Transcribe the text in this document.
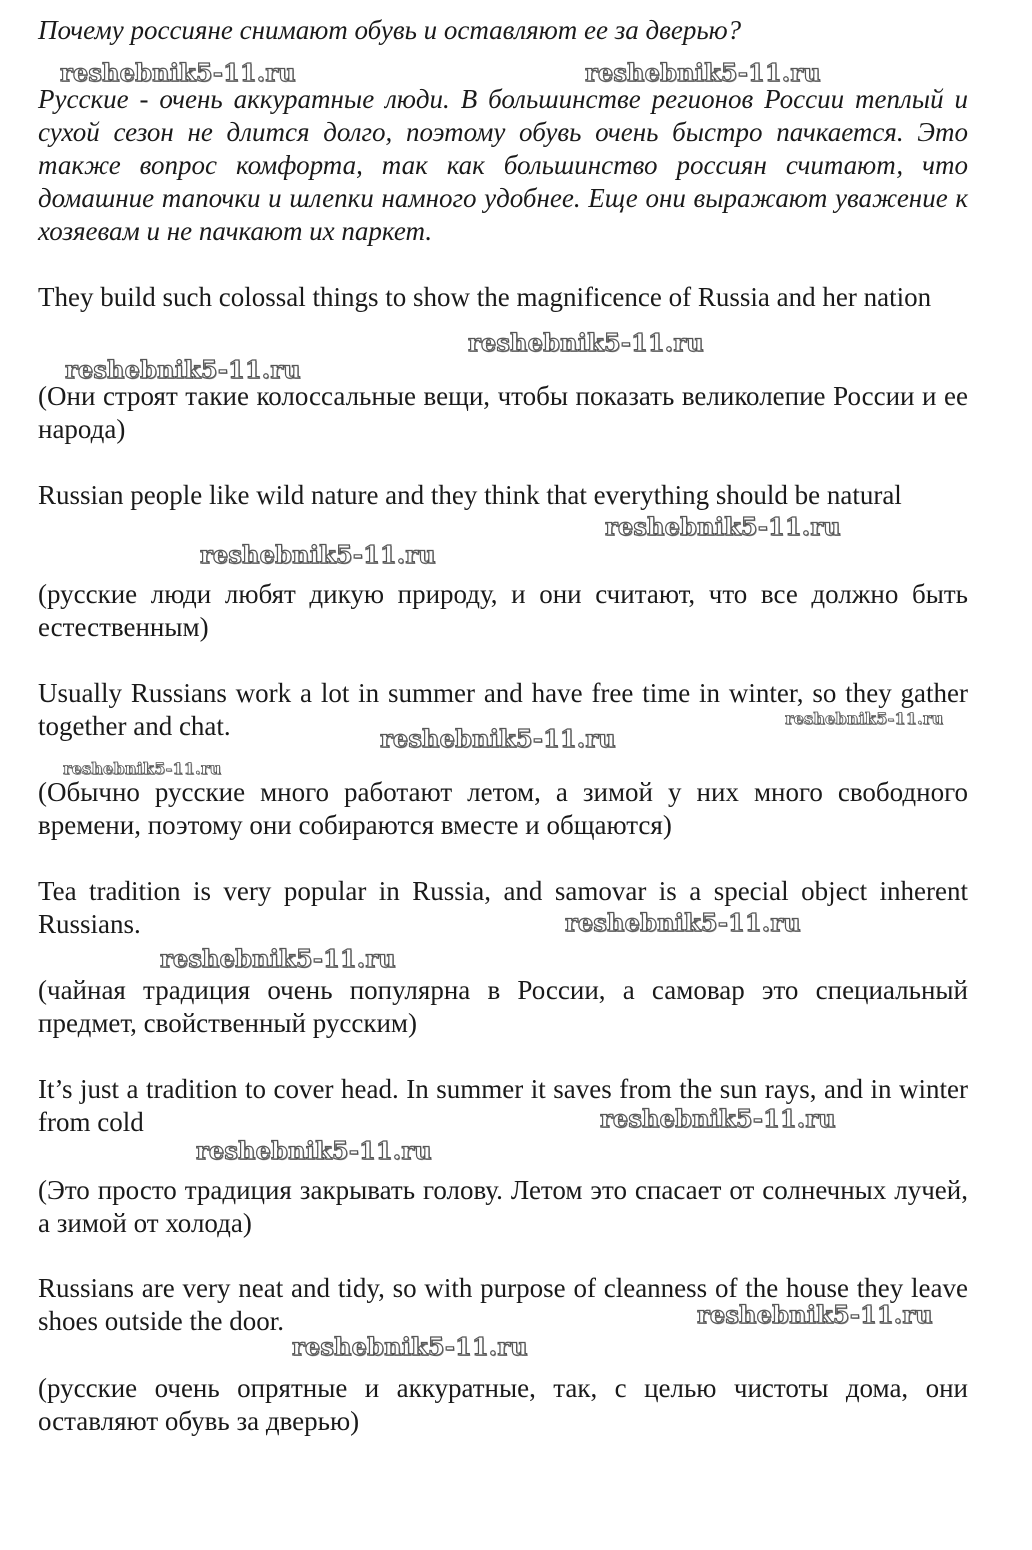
Почему россияне снимают обувь и оставляют ее за дверью?

reshebnik5-11.ru	reshebnik5-11.ru

Русские - очень аккуратные люди. В большинстве регионов России теплый и сухой сезон не длится долго, поэтому обувь очень быстро пачкается. Это также вопрос комфорта, так как большинство россиян считают, что домашние тапочки и шлепки намного удобнее. Еще они выражают уважение к хозяевам и не пачкают их паркет.

They build such colossal things to show the magnificence of Russia and her nation

reshebnik5-11.ru
reshebnik5-11.ru

(Они строят такие колоссальные вещи, чтобы показать великолепие России и ее народа)

Russian people like wild nature and they think that everything should be natural

reshebnik5-11.ru
reshebnik5-11.ru

(русские люди любят дикую природу, и они считают, что все должно быть естественным)

Usually Russians work a lot in summer and have free time in winter, so they gather together and chat.	reshebnik5-11.ru
reshebnik5-11.ru
reshebnik5-11.ru

(Обычно русские много работают летом, а зимой у них много свободного времени, поэтому они собираются вместе и общаются)

Tea tradition is very popular in Russia, and samovar is a special object inherent Russians.	reshebnik5-11.ru
reshebnik5-11.ru

(чайная традиция очень популярна в России, а самовар это специальный предмет, свойственный русским)

It’s just a tradition to cover head. In summer it saves from the sun rays, and in winter from cold	reshebnik5-11.ru
reshebnik5-11.ru

(Это просто традиция закрывать голову. Летом это спасает от солнечных лучей, а зимой от холода)

Russians are very neat and tidy, so with purpose of cleanness of the house they leave shoes outside the door.	reshebnik5-11.ru
reshebnik5-11.ru

(русские очень опрятные и аккуратные, так, с целью чистоты дома, они оставляют обувь за дверью)
